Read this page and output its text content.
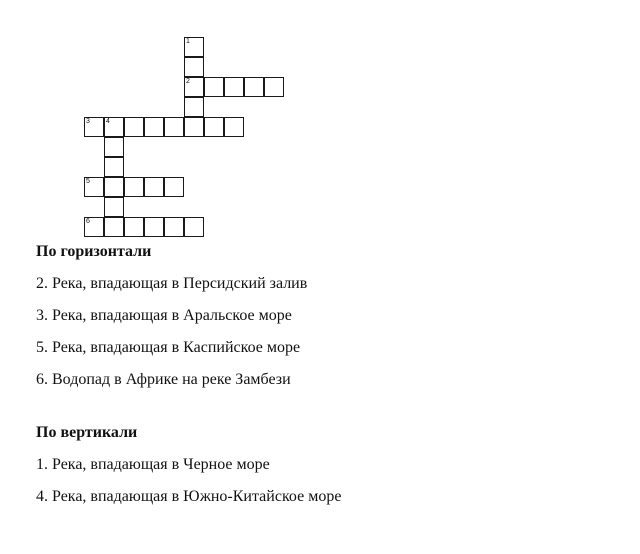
1
2
3 4
5
6
По горизонтали

2. Река, впадающая в Персидский залив

3. Река, впадающая в Аральское море

5. Река, впадающая в Каспийское море

6. Водопад в Африке на реке Замбези

По вертикали

1. Река, впадающая в Черное море

4. Река, впадающая в Южно-Китайское море
